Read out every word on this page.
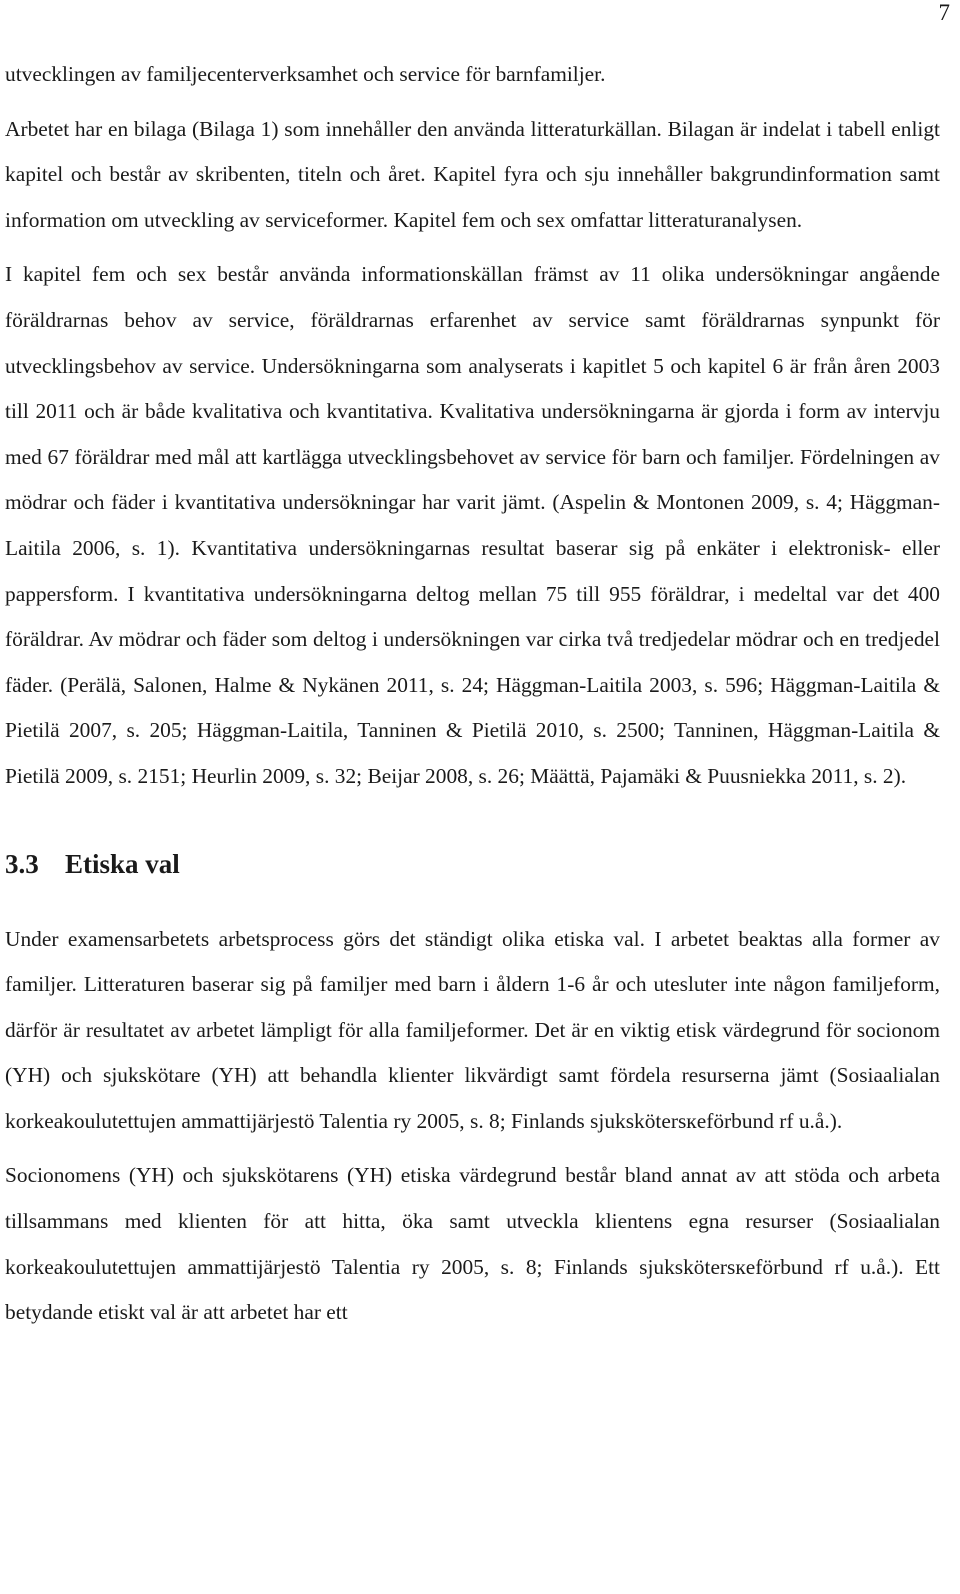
7

utvecklingen av familjecenterverksamhet och service för barnfamiljer.

Arbetet har en bilaga (Bilaga 1) som innehåller den använda litteraturkällan. Bilagan är indelat i tabell enligt kapitel och består av skribenten, titeln och året. Kapitel fyra och sju innehåller bakgrundinformation samt information om utveckling av serviceformer. Kapitel fem och sex omfattar litteraturanalysen.

I kapitel fem och sex består använda informationskällan främst av 11 olika undersökningar angående föräldrarnas behov av service, föräldrarnas erfarenhet av service samt föräldrarnas synpunkt för utvecklingsbehov av service. Undersökningarna som analyserats i kapitlet 5 och kapitel 6 är från åren 2003 till 2011 och är både kvalitativa och kvantitativa. Kvalitativa undersökningarna är gjorda i form av intervju med 67 föräldrar med mål att kartlägga utvecklingsbehovet av service för barn och familjer. Fördelningen av mödrar och fäder i kvantitativa undersökningar har varit jämt. (Aspelin & Montonen 2009, s. 4; Häggman-Laitila 2006, s. 1). Kvantitativa undersökningarnas resultat baserar sig på enkäter i elektronisk- eller pappersform. I kvantitativa undersökningarna deltog mellan 75 till 955 föräldrar, i medeltal var det 400 föräldrar. Av mödrar och fäder som deltog i undersökningen var cirka två tredjedelar mödrar och en tredjedel fäder. (Perälä, Salonen, Halme & Nykänen 2011, s. 24; Häggman-Laitila 2003, s. 596; Häggman-Laitila & Pietilä 2007, s. 205; Häggman-Laitila, Tanninen & Pietilä 2010, s. 2500; Tanninen, Häggman-Laitila & Pietilä 2009, s. 2151; Heurlin 2009, s. 32; Beijar 2008, s. 26; Määttä, Pajamäki & Puusniekka 2011, s. 2).

3.3 Etiska val

Under examensarbetets arbetsprocess görs det ständigt olika etiska val. I arbetet beaktas alla former av familjer. Litteraturen baserar sig på familjer med barn i åldern 1-6 år och utesluter inte någon familjeform, därför är resultatet av arbetet lämpligt för alla familjeformer. Det är en viktig etisk värdegrund för socionom (YH) och sjukskötare (YH) att behandla klienter likvärdigt samt fördela resurserna jämt (Sosiaalialan korkeakoulutettujen ammattijärjestö Talentia ry 2005, s. 8; Finlands sjukskötersкeförbund rf u.å.).

Socionomens (YH) och sjukskötarens (YH) etiska värdegrund består bland annat av att stöda och arbeta tillsammans med klienten för att hitta, öka samt utveckla klientens egna resurser (Sosiaalialan korkeakoulutettujen ammattijärjestö Talentia ry 2005, s. 8; Finlands sjukskötersкeförbund rf u.å.). Ett betydande etiskt val är att arbetet har ett
